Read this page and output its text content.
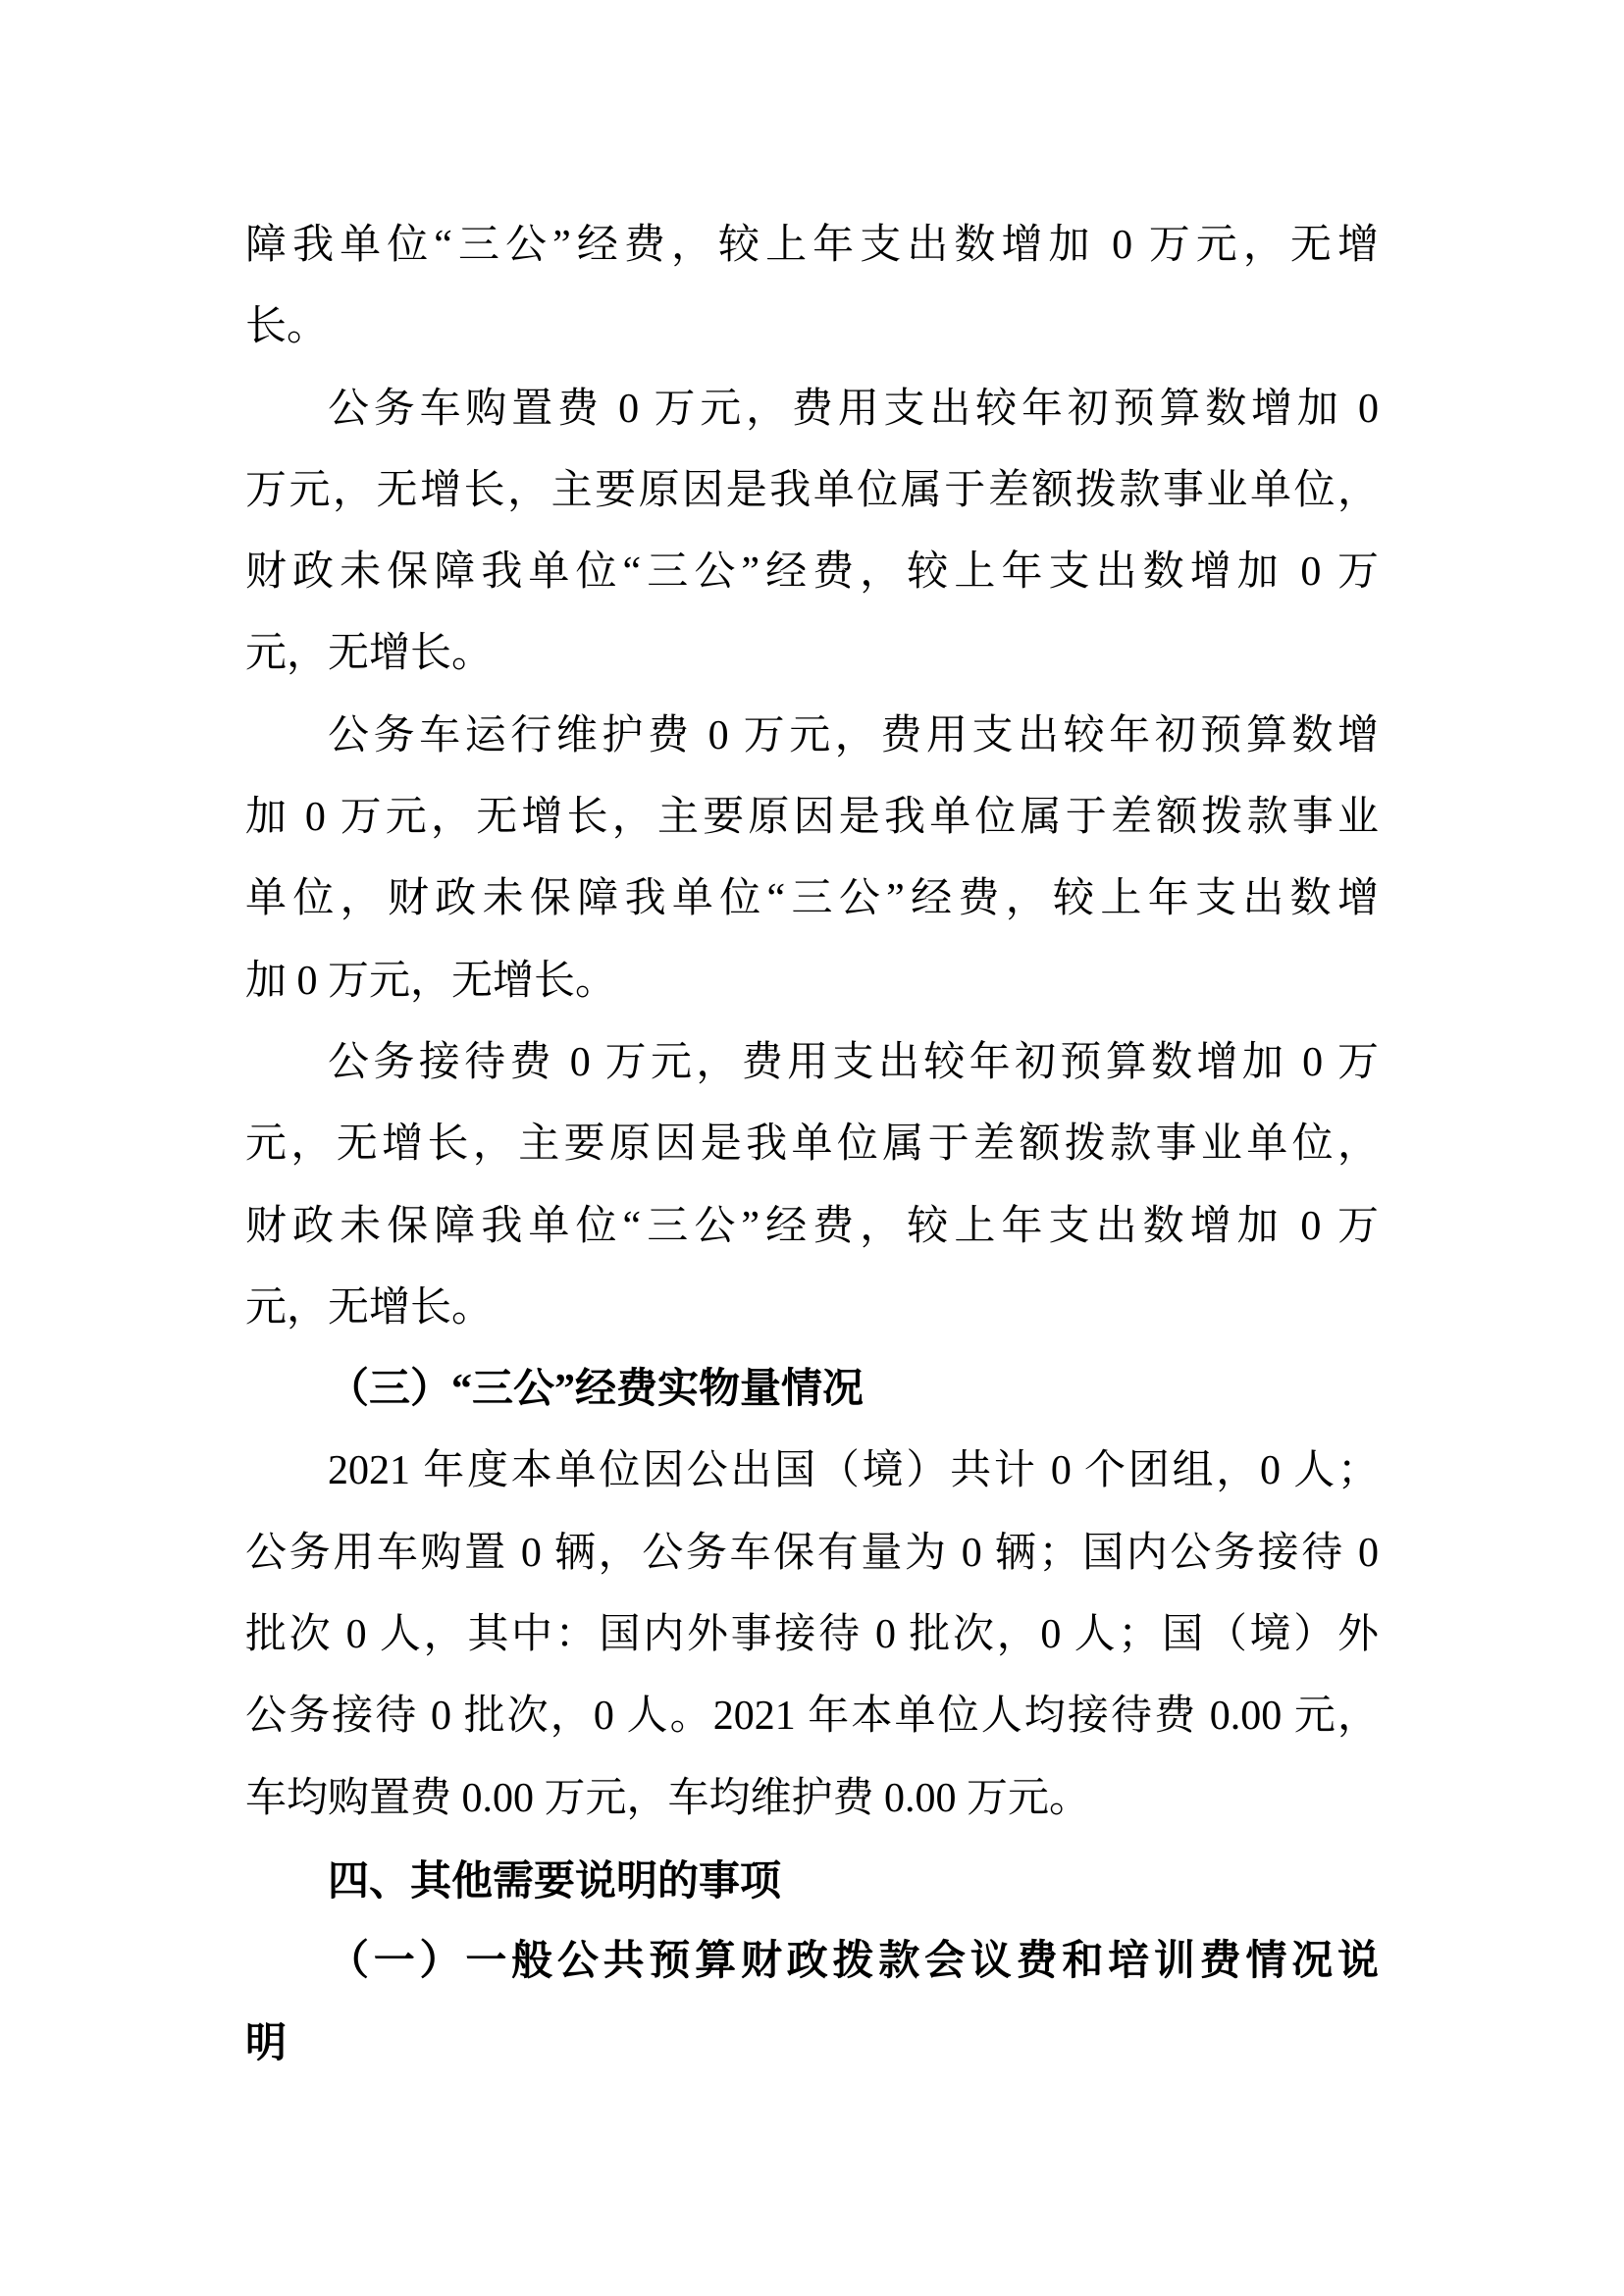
障我单位“三公”经费，较上年支出数增加 0 万元，无增
长。
公务车购置费 0 万元，费用支出较年初预算数增加 0
万元，无增长，主要原因是我单位属于差额拨款事业单位，
财政未保障我单位“三公”经费，较上年支出数增加 0 万
元，无增长。
公务车运行维护费 0 万元，费用支出较年初预算数增
加 0 万元，无增长，主要原因是我单位属于差额拨款事业
单位，财政未保障我单位“三公”经费，较上年支出数增
加 0 万元，无增长。
公务接待费 0 万元，费用支出较年初预算数增加 0 万
元，无增长，主要原因是我单位属于差额拨款事业单位，
财政未保障我单位“三公”经费，较上年支出数增加 0 万
元，无增长。
（三）“三公”经费实物量情况
2021 年度本单位因公出国（境）共计 0 个团组，0 人；
公务用车购置 0 辆，公务车保有量为 0 辆；国内公务接待 0
批次 0 人，其中：国内外事接待 0 批次，0 人；国（境）外
公务接待 0 批次，0 人。2021 年本单位人均接待费 0.00 元，
车均购置费 0.00 万元，车均维护费 0.00 万元。
四、其他需要说明的事项
（一）一般公共预算财政拨款会议费和培训费情况说
明
